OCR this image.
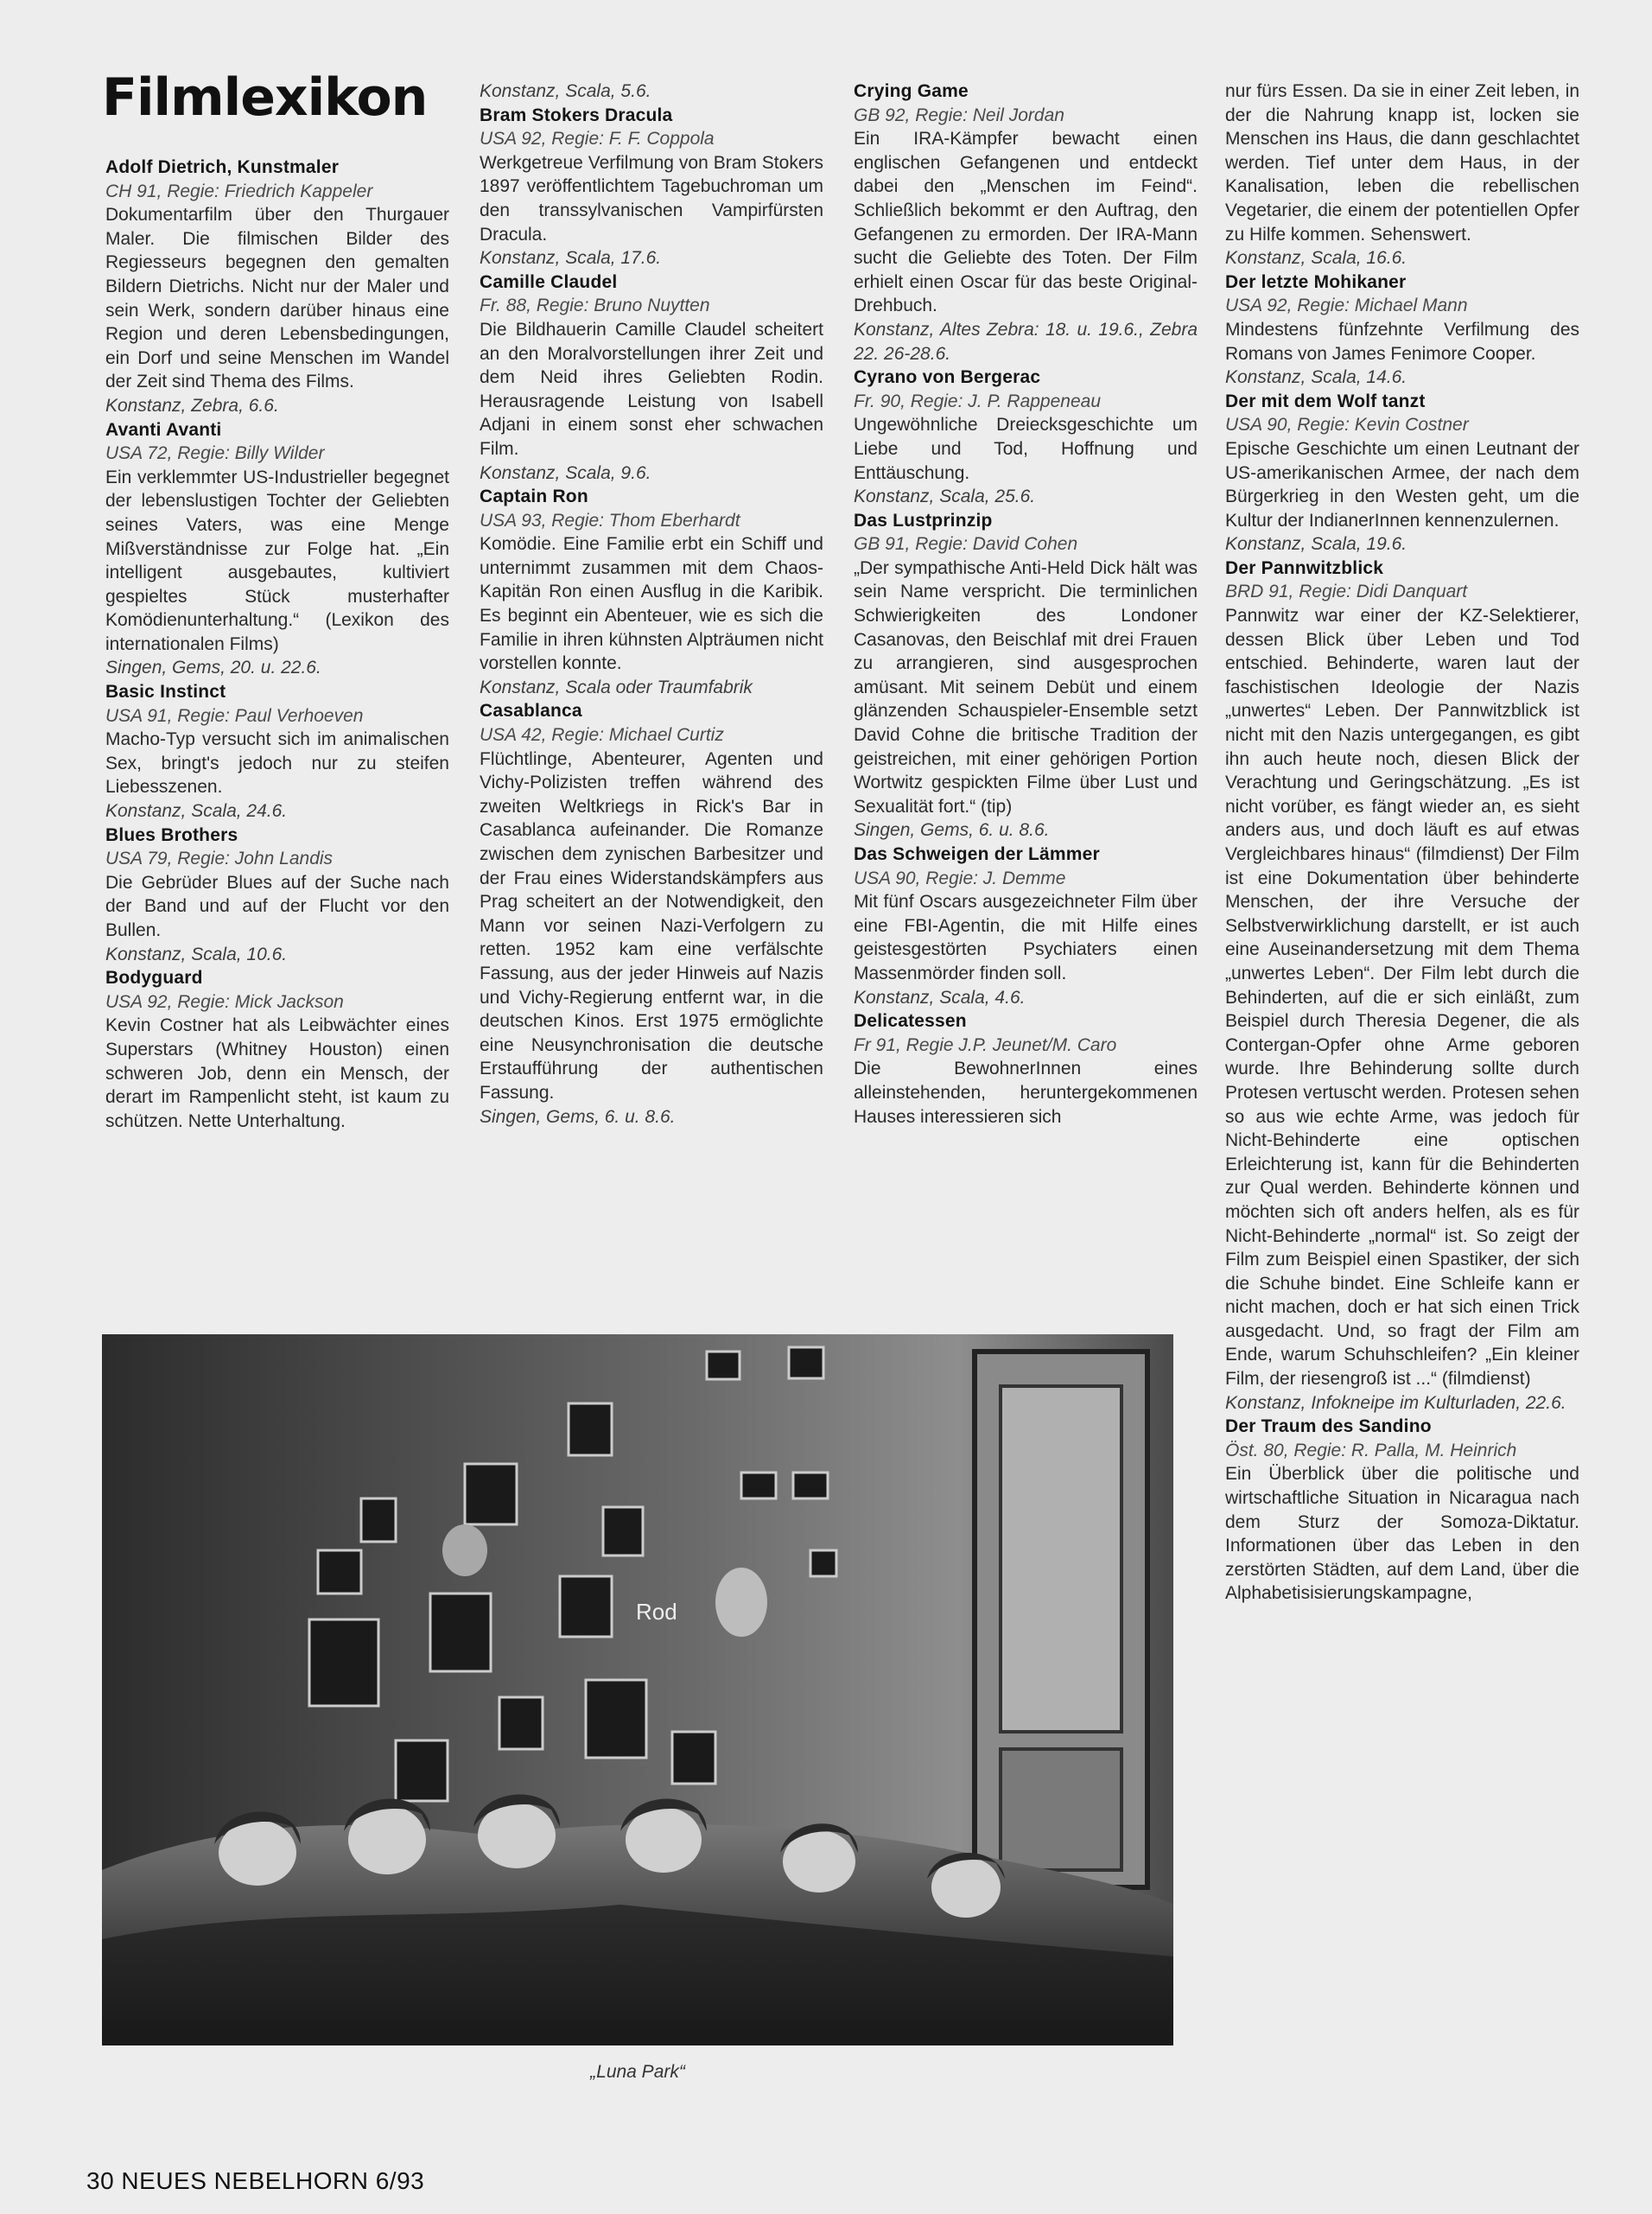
Filmlexikon
Adolf Dietrich, Kunstmaler
CH 91, Regie: Friedrich Kappeler
Dokumentarfilm über den Thurgauer Maler. Die filmischen Bilder des Regiesseurs begegnen den gemalten Bildern Dietrichs. Nicht nur der Maler und sein Werk, sondern darüber hinaus eine Region und deren Lebensbedingungen, ein Dorf und seine Menschen im Wandel der Zeit sind Thema des Films.
Konstanz, Zebra, 6.6.
Avanti Avanti
USA 72, Regie: Billy Wilder
Ein verklemmter US-Industrieller begegnet der lebenslustigen Tochter der Geliebten seines Vaters, was eine Menge Mißverständnisse zur Folge hat. „Ein intelligent ausgebautes, kultiviert gespieltes Stück musterhafter Komödienunterhaltung.“ (Lexikon des internationalen Films)
Singen, Gems, 20. u. 22.6.
Basic Instinct
USA 91, Regie: Paul Verhoeven
Macho-Typ versucht sich im animalischen Sex, bringt's jedoch nur zu steifen Liebesszenen.
Konstanz, Scala, 24.6.
Blues Brothers
USA 79, Regie: John Landis
Die Gebrüder Blues auf der Suche nach der Band und auf der Flucht vor den Bullen.
Konstanz, Scala, 10.6.
Bodyguard
USA 92, Regie: Mick Jackson
Kevin Costner hat als Leibwächter eines Superstars (Whitney Houston) einen schweren Job, denn ein Mensch, der derart im Rampenlicht steht, ist kaum zu schützen. Nette Unterhaltung.
Konstanz, Scala, 5.6.
Bram Stokers Dracula
USA 92, Regie: F. F. Coppola
Werkgetreue Verfilmung von Bram Stokers 1897 veröffentlichtem Tagebuchroman um den transsylvanischen Vampirfürsten Dracula.
Konstanz, Scala, 17.6.
Camille Claudel
Fr. 88, Regie: Bruno Nuytten
Die Bildhauerin Camille Claudel scheitert an den Moralvorstellungen ihrer Zeit und dem Neid ihres Geliebten Rodin. Herausragende Leistung von Isabell Adjani in einem sonst eher schwachen Film.
Konstanz, Scala, 9.6.
Captain Ron
USA 93, Regie: Thom Eberhardt
Komödie. Eine Familie erbt ein Schiff und unternimmt zusammen mit dem Chaos-Kapitän Ron einen Ausflug in die Karibik. Es beginnt ein Abenteuer, wie es sich die Familie in ihren kühnsten Alpträumen nicht vorstellen konnte.
Konstanz, Scala oder Traumfabrik
Casablanca
USA 42, Regie: Michael Curtiz
Flüchtlinge, Abenteurer, Agenten und Vichy-Polizisten treffen während des zweiten Weltkriegs in Rick's Bar in Casablanca aufeinander. Die Romanze zwischen dem zynischen Barbesitzer und der Frau eines Widerstandskämpfers aus Prag scheitert an der Notwendigkeit, den Mann vor seinen Nazi-Verfolgern zu retten. 1952 kam eine verfälschte Fassung, aus der jeder Hinweis auf Nazis und Vichy-Regierung entfernt war, in die deutschen Kinos. Erst 1975 ermöglichte eine Neusynchronisation die deutsche Erstaufführung der authentischen Fassung.
Singen, Gems, 6. u. 8.6.
Crying Game
GB 92, Regie: Neil Jordan
Ein IRA-Kämpfer bewacht einen englischen Gefangenen und entdeckt dabei den „Menschen im Feind“. Schließlich bekommt er den Auftrag, den Gefangenen zu ermorden. Der IRA-Mann sucht die Geliebte des Toten. Der Film erhielt einen Oscar für das beste Original-Drehbuch.
Konstanz, Altes Zebra: 18. u. 19.6., Zebra 22. 26-28.6.
Cyrano von Bergerac
Fr. 90, Regie: J. P. Rappeneau
Ungewöhnliche Dreiecksgeschichte um Liebe und Tod, Hoffnung und Enttäuschung.
Konstanz, Scala, 25.6.
Das Lustprinzip
GB 91, Regie: David Cohen
„Der sympathische Anti-Held Dick hält was sein Name verspricht. Die terminlichen Schwierigkeiten des Londoner Casanovas, den Beischlaf mit drei Frauen zu arrangieren, sind ausgesprochen amüsant. Mit seinem Debüt und einem glänzenden Schauspieler-Ensemble setzt David Cohne die britische Tradition der geistreichen, mit einer gehörigen Portion Wortwitz gespickten Filme über Lust und Sexualität fort.“ (tip)
Singen, Gems, 6. u. 8.6.
Das Schweigen der Lämmer
USA 90, Regie: J. Demme
Mit fünf Oscars ausgezeichneter Film über eine FBI-Agentin, die mit Hilfe eines geistesgestörten Psychiaters einen Massenmörder finden soll.
Konstanz, Scala, 4.6.
Delicatessen
Fr 91, Regie J.P. Jeunet/M. Caro
Die BewohnerInnen eines alleinstehenden, heruntergekommenen Hauses interessieren sich
nur fürs Essen. Da sie in einer Zeit leben, in der die Nahrung knapp ist, locken sie Menschen ins Haus, die dann geschlachtet werden. Tief unter dem Haus, in der Kanalisation, leben die rebellischen Vegetarier, die einem der potentiellen Opfer zu Hilfe kommen. Sehenswert.
Konstanz, Scala, 16.6.
Der letzte Mohikaner
USA 92, Regie: Michael Mann
Mindestens fünfzehnte Verfilmung des Romans von James Fenimore Cooper.
Konstanz, Scala, 14.6.
Der mit dem Wolf tanzt
USA 90, Regie: Kevin Costner
Epische Geschichte um einen Leutnant der US-amerikanischen Armee, der nach dem Bürgerkrieg in den Westen geht, um die Kultur der IndianerInnen kennenzulernen.
Konstanz, Scala, 19.6.
Der Pannwitzblick
BRD 91, Regie: Didi Danquart
Pannwitz war einer der KZ-Selektierer, dessen Blick über Leben und Tod entschied. Behinderte, waren laut der faschistischen Ideologie der Nazis „unwertes“ Leben. Der Pannwitzblick ist nicht mit den Nazis untergegangen, es gibt ihn auch heute noch, diesen Blick der Verachtung und Geringschätzung. „Es ist nicht vorüber, es fängt wieder an, es sieht anders aus, und doch läuft es auf etwas Vergleichbares hinaus“ (filmdienst) Der Film ist eine Dokumentation über behinderte Menschen, der ihre Versuche der Selbstverwirklichung darstellt, er ist auch eine Auseinandersetzung mit dem Thema „unwertes Leben“. Der Film lebt durch die Behinderten, auf die er sich einläßt, zum Beispiel durch Theresia Degener, die als Contergan-Opfer ohne Arme geboren wurde. Ihre Behinderung sollte durch Protesen vertuscht werden. Protesen sehen so aus wie echte Arme, was jedoch für Nicht-Behinderte eine optischen Erleichterung ist, kann für die Behinderten zur Qual werden. Behinderte können und möchten sich oft anders helfen, als es für Nicht-Behinderte „normal“ ist. So zeigt der Film zum Beispiel einen Spastiker, der sich die Schuhe bindet. Eine Schleife kann er nicht machen, doch er hat sich einen Trick ausgedacht. Und, so fragt der Film am Ende, warum Schuhschleifen? „Ein kleiner Film, der riesengroß ist ...“ (filmdienst)
Konstanz, Infokneipe im Kulturladen, 22.6.
Der Traum des Sandino
Öst. 80, Regie: R. Palla, M. Heinrich
Ein Überblick über die politische und wirtschaftliche Situation in Nicaragua nach dem Sturz der Somoza-Diktatur. Informationen über das Leben in den zerstörten Städten, auf dem Land, über die Alphabetisisierungskampagne,
Rod
„Luna Park“
30 NEUES NEBELHORN 6/93
